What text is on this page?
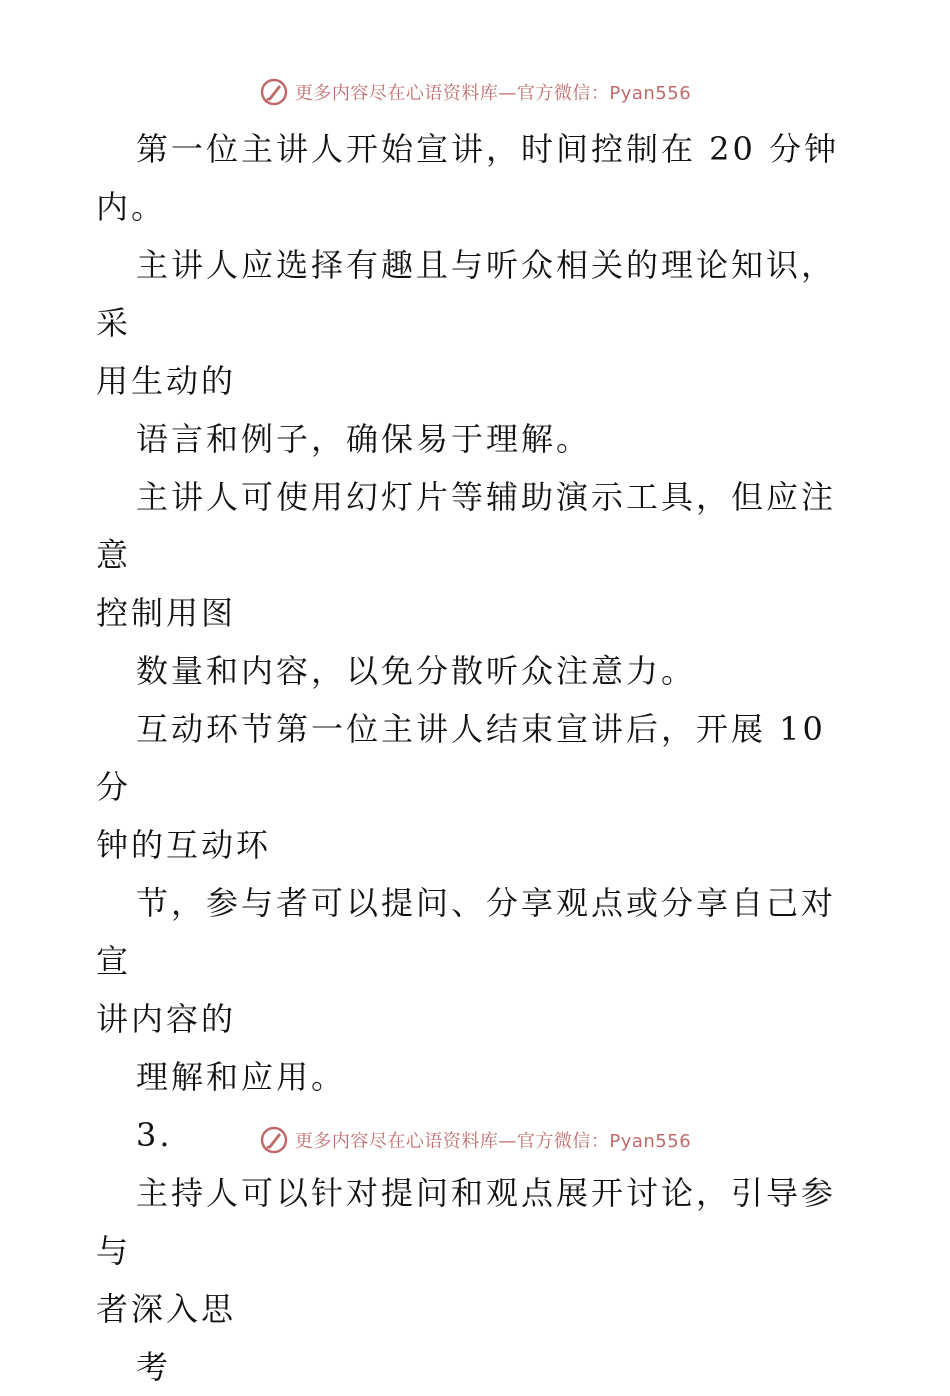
更多内容尽在心语资料库—官方微信：Pyan556

第一位主讲人开始宣讲，时间控制在 20 分钟

内。

主讲人应选择有趣且与听众相关的理论知识，采

用生动的

语言和例子，确保易于理解。

主讲人可使用幻灯片等辅助演示工具，但应注意

控制用图

数量和内容，以免分散听众注意力。

互动环节第一位主讲人结束宣讲后，开展 10 分

钟的互动环

节，参与者可以提问、分享观点或分享自己对宣

讲内容的

理解和应用。

3.

主持人可以针对提问和观点展开讨论，引导参与

者深入思

考

更多内容尽在心语资料库—官方微信：Pyan556
